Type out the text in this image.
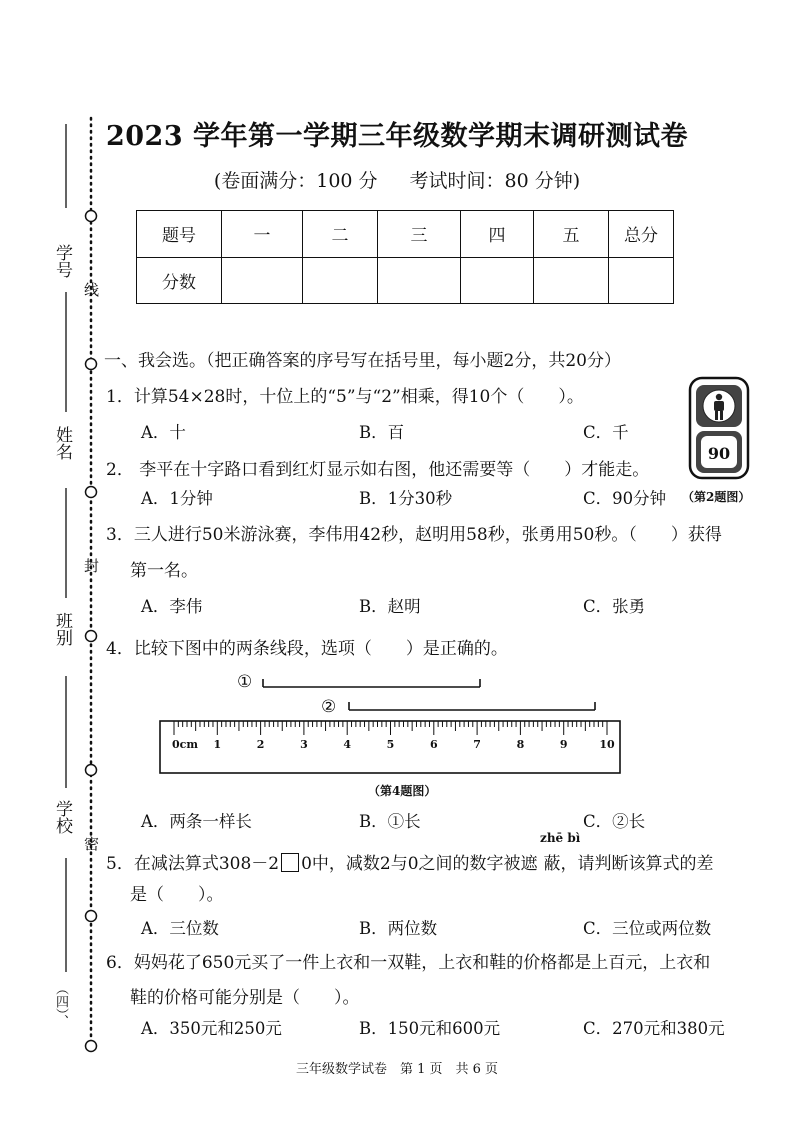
学号
姓名
班别
学校
（四）、
线
封
密
2023 学年第一学期三年级数学期末调研测试卷
(卷面满分：100 分 考试时间：80 分钟)
题号	一	二	三	四	五	总分
分数						
一、我会选。（把正确答案的序号写在括号里，每小题2分，共20分）
1．计算54×28时，十位上的“5”与“2”相乘，得10个（　　）。
A．十	B．百	C．千
90
2． 李平在十字路口看到红灯显示如右图，他还需要等（　　）才能走。
A．1分钟	B．1分30秒	C．90分钟 （第2题图）
3．三人进行50米游泳赛，李伟用42秒，赵明用58秒，张勇用50秒。（　　）获得
第一名。
A．李伟	B．赵明	C．张勇
4．比较下图中的两条线段，选项（　　）是正确的。
①
②
0cm	1	2	3	4	5	6	7	8	9	10
（第4题图）
A．两条一样长	B．①长	C．②长
zhē bì
5．在减法算式308－2 0中，减数2与0之间的数字被遮 蔽，请判断该算式的差
是（　　）。
A．三位数	B．两位数	C．三位或两位数
6．妈妈花了650元买了一件上衣和一双鞋，上衣和鞋的价格都是上百元，上衣和
鞋的价格可能分别是（　　）。
A．350元和250元	B．150元和600元	C．270元和380元
三年级数学试卷　第 1 页　共 6 页
